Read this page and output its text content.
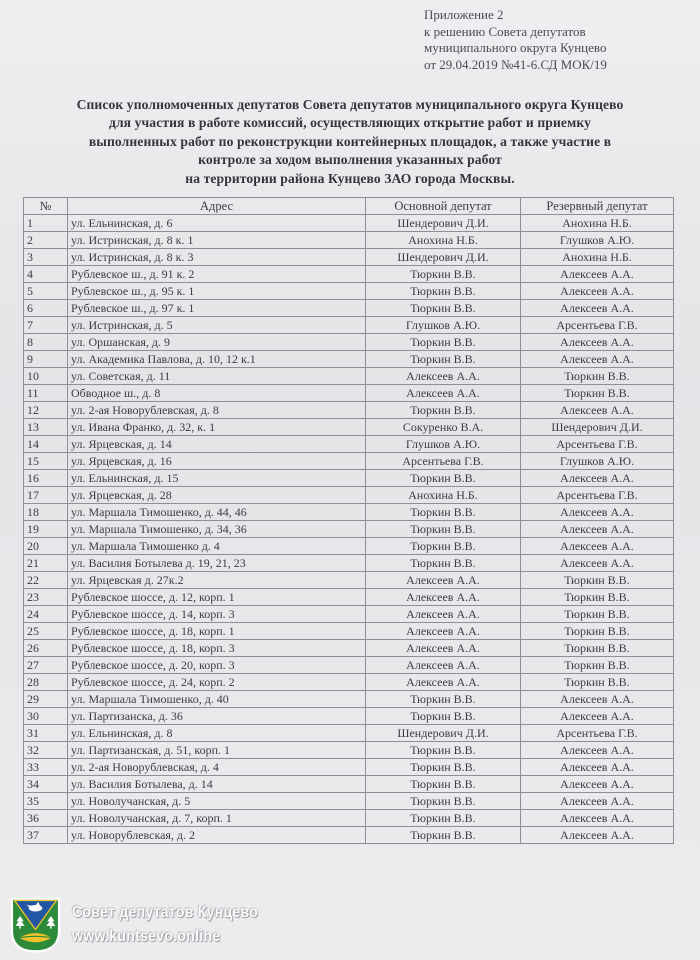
Приложение 2
к решению Совета депутатов
муниципального округа Кунцево
от 29.04.2019 №41-6.СД МОК/19
Список уполномоченных депутатов Совета депутатов муниципального округа Кунцево
для участия в работе комиссий, осуществляющих открытие работ и приемку
выполненных работ по реконструкции контейнерных площадок, а также участие в
контроле за ходом выполнения указанных работ
на территории района Кунцево ЗАО города Москвы.
№	Адрес	Основной депутат	Резервный депутат
1	ул. Ельнинская, д. 6	Шендерович Д.И.	Анохина Н.Б.
2	ул. Истринская, д. 8 к. 1	Анохина Н.Б.	Глушков А.Ю.
3	ул. Истринская, д. 8 к. 3	Шендерович Д.И.	Анохина Н.Б.
4	Рублевское ш., д. 91 к. 2	Тюркин В.В.	Алексеев А.А.
5	Рублевское ш., д. 95 к. 1	Тюркин В.В.	Алексеев А.А.
6	Рублевское ш., д. 97 к. 1	Тюркин В.В.	Алексеев А.А.
7	ул. Истринская, д. 5	Глушков А.Ю.	Арсентьева Г.В.
8	ул. Оршанская, д. 9	Тюркин В.В.	Алексеев А.А.
9	ул. Академика Павлова, д. 10, 12 к.1	Тюркин В.В.	Алексеев А.А.
10	ул. Советская, д. 11	Алексеев А.А.	Тюркин В.В.
11	Обводное ш., д. 8	Алексеев А.А.	Тюркин В.В.
12	ул. 2-ая Новорублевская, д. 8	Тюркин В.В.	Алексеев А.А.
13	ул. Ивана Франко, д. 32, к. 1	Сокуренко В.А.	Шендерович Д.И.
14	ул. Ярцевская, д. 14	Глушков А.Ю.	Арсентьева Г.В.
15	ул. Ярцевская, д. 16	Арсентьева Г.В.	Глушков А.Ю.
16	ул. Ельнинская, д. 15	Тюркин В.В.	Алексеев А.А.
17	ул. Ярцевская, д. 28	Анохина Н.Б.	Арсентьева Г.В.
18	ул. Маршала Тимошенко, д. 44, 46	Тюркин В.В.	Алексеев А.А.
19	ул. Маршала Тимошенко, д. 34, 36	Тюркин В.В.	Алексеев А.А.
20	ул. Маршала Тимошенко д. 4	Тюркин В.В.	Алексеев А.А.
21	ул. Василия Ботылева д. 19, 21, 23	Тюркин В.В.	Алексеев А.А.
22	ул. Ярцевская д. 27к.2	Алексеев А.А.	Тюркин В.В.
23	Рублевское шоссе, д. 12, корп. 1	Алексеев А.А.	Тюркин В.В.
24	Рублевское шоссе, д. 14, корп. 3	Алексеев А.А.	Тюркин В.В.
25	Рублевское шоссе, д. 18, корп. 1	Алексеев А.А.	Тюркин В.В.
26	Рублевское шоссе, д. 18, корп. 3	Алексеев А.А.	Тюркин В.В.
27	Рублевское шоссе, д. 20, корп. 3	Алексеев А.А.	Тюркин В.В.
28	Рублевское шоссе, д. 24, корп. 2	Алексеев А.А.	Тюркин В.В.
29	ул. Маршала Тимошенко, д. 40	Тюркин В.В.	Алексеев А.А.
30	ул. Партизанска, д. 36	Тюркин В.В.	Алексеев А.А.
31	ул. Ельнинская, д. 8	Шендерович Д.И.	Арсентьева Г.В.
32	ул. Партизанская, д. 51, корп. 1	Тюркин В.В.	Алексеев А.А.
33	ул. 2-ая Новорублевская, д. 4	Тюркин В.В.	Алексеев А.А.
34	ул. Василия Ботылева, д. 14	Тюркин В.В.	Алексеев А.А.
35	ул. Новолучанская, д. 5	Тюркин В.В.	Алексеев А.А.
36	ул. Новолучанская, д. 7, корп. 1	Тюркин В.В.	Алексеев А.А.
37	ул. Новорублевская, д. 2	Тюркин В.В.	Алексеев А.А.
Совет депутатов Кунцево
www.kuntsevo.online
